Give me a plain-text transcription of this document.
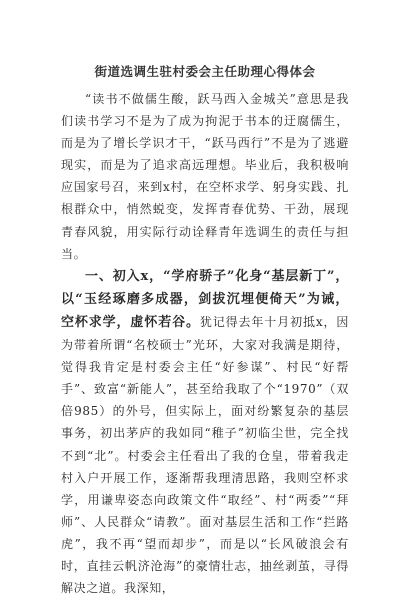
街道选调生驻村委会主任助理心得体会

“读书不做儒生酸，跃马西入金城关”意思是我们读书学习不是为了成为拘泥于书本的迂腐儒生，而是为了增长学识才干，“跃马西行”不是为了逃避现实，而是为了追求高远理想。毕业后，我积极响应国家号召，来到x村，在空杯求学、躬身实践、扎根群众中，悄然蜕变，发挥青春优势、干劲，展现青春风貌，用实际行动诠释青年选调生的责任与担当。

一、初入x，“学府骄子”化身“基层新丁”，以“玉经琢磨多成器，剑拔沉埋便倚天”为诫，空杯求学，虚怀若谷。犹记得去年十月初抵x，因为带着所谓“名校硕士”光环，大家对我满是期待，觉得我肯定是村委会主任“好参谋”、村民“好帮手”、致富“新能人”，甚至给我取了个“1970”（双倍985）的外号，但实际上，面对纷繁复杂的基层事务，初出茅庐的我如同“稚子”初临尘世，完全找不到“北”。村委会主任看出了我的仓皇，带着我走村入户开展工作，逐渐帮我理清思路，我则空杯求学，用谦卑姿态向政策文件“取经”、村“两委”“拜师”、人民群众“请教”。面对基层生活和工作“拦路虎”，我不再“望而却步”，而是以“长风破浪会有时，直挂云帆济沧海”的豪情壮志，抽丝剥茧，寻得解决之道。我深知，
